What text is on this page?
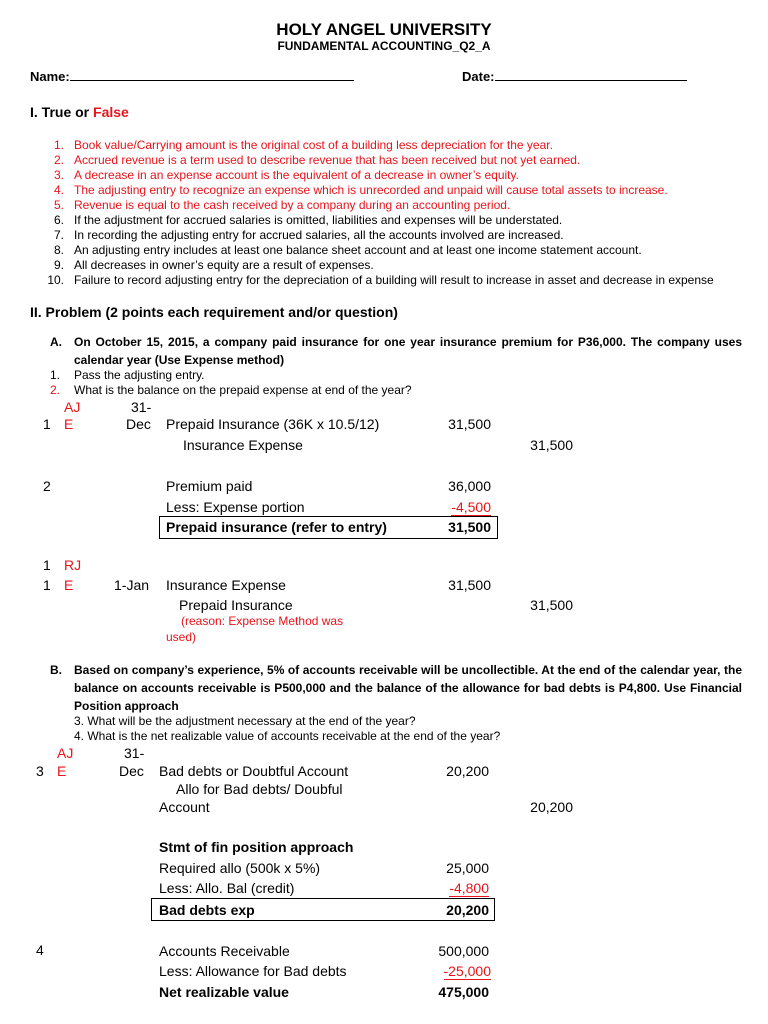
HOLY ANGEL UNIVERSITY
FUNDAMENTAL ACCOUNTING_Q2_A
Name:	Date:
I. True or False
1. Book value/Carrying amount is the original cost of a building less depreciation for the year.
2. Accrued revenue is a term used to describe revenue that has been received but not yet earned.
3. A decrease in an expense account is the equivalent of a decrease in owner’s equity.
4. The adjusting entry to recognize an expense which is unrecorded and unpaid will cause total assets to increase.
5. Revenue is equal to the cash received by a company during an accounting period.
6. If the adjustment for accrued salaries is omitted, liabilities and expenses will be understated.
7. In recording the adjusting entry for accrued salaries, all the accounts involved are increased.
8. An adjusting entry includes at least one balance sheet account and at least one income statement account.
9. All decreases in owner’s equity are a result of expenses.
10. Failure to record adjusting entry for the depreciation of a building will result to increase in asset and decrease in expense
II. Problem (2 points each requirement and/or question)
A. On October 15, 2015, a company paid insurance for one year insurance premium for P36,000. The company uses calendar year (Use Expense method)
1. Pass the adjusting entry.
2. What is the balance on the prepaid expense at end of the year?
AJ	31-
1 E	Dec Prepaid Insurance (36K x 10.5/12)	31,500
Insurance Expense	31,500
2	Premium paid	36,000
Less: Expense portion	-4,500
Prepaid insurance (refer to entry)	31,500
1 RJ
1 E	1-Jan Insurance Expense	31,500
Prepaid Insurance	31,500
(reason: Expense Method was
used)
B. Based on company’s experience, 5% of accounts receivable will be uncollectible. At the end of the calendar year, the balance on accounts receivable is P500,000 and the balance of the allowance for bad debts is P4,800. Use Financial Position approach
3. What will be the adjustment necessary at the end of the year?
4. What is the net realizable value of accounts receivable at the end of the year?
AJ	31-
3 E	Dec Bad debts or Doubtful Account	20,200
Allo for Bad debts/ Doubful
Account	20,200
Stmt of fin position approach
Required allo (500k x 5%)	25,000
Less: Allo. Bal (credit)	-4,800
Bad debts exp	20,200
4	Accounts Receivable	500,000
Less: Allowance for Bad debts	-25,000
Net realizable value	475,000
